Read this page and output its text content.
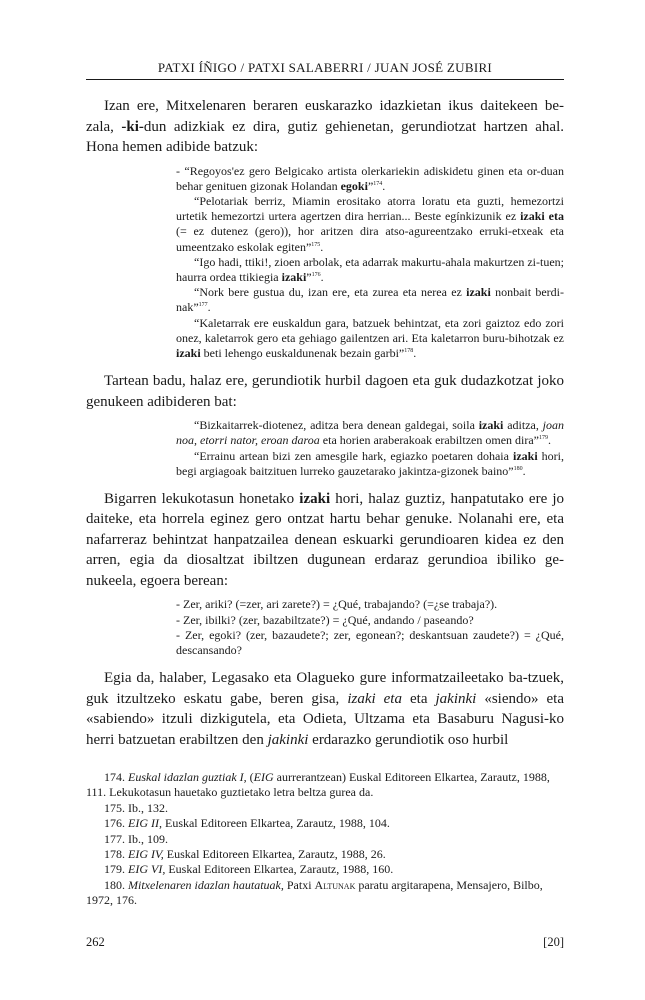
PATXI ÍÑIGO / PATXI SALABERRI / JUAN JOSÉ ZUBIRI

Izan ere, Mitxelenaren beraren euskarazko idazkietan ikus daitekeen be-zala, -ki-dun adizkiak ez dira, gutiz gehienetan, gerundiotzat hartzen ahal. Hona hemen adibide batzuk:

- “Regoyos'ez gero Belgicako artista olerkariekin adiskidetu ginen eta or-duan behar genituen gizonak Holandan egoki”$^{174}$.

“Pelotariak berriz, Miamin erositako atorra loratu eta guzti, hemezortzi urtetik hemezortzi urtera agertzen dira herrian... Beste egínkizunik ez izaki eta (= ez dutenez (gero)), hor aritzen dira atso-agureentzako erruki-etxeak eta umeentzako eskolak egiten”$^{175}$.

“Igo hadi, ttiki!, zioen arbolak, eta adarrak makurtu-ahala makurtzen zi-tuen; haurra ordea ttikiegia izaki”$^{176}$.

“Nork bere gustua du, izan ere, eta zurea eta nerea ez izaki nonbait berdi-nak”$^{177}$.

“Kaletarrak ere euskaldun gara, batzuek behintzat, eta zori gaiztoz edo zori onez, kaletarrok gero eta gehiago gailentzen ari. Eta kaletarron buru-bihotzak ez izaki beti lehengo euskaldunenak bezain garbi”$^{178}$.

Tartean badu, halaz ere, gerundiotik hurbil dagoen eta guk dudazkotzat joko genukeen adibideren bat:

“Bizkaitarrek-diotenez, aditza bera denean galdegai, soila izaki aditza, joan noa, etorri nator, eroan daroa eta horien araberakoak erabiltzen omen dira”$^{179}$.

“Errainu artean bizi zen amesgile hark, egiazko poetaren dohaia izaki hori, begi argiagoak baitzituen lurreko gauzetarako jakintza-gizonek baino”$^{180}$.

Bigarren lekukotasun honetako izaki hori, halaz guztiz, hanpatutako ere jo daiteke, eta horrela eginez gero ontzat hartu behar genuke. Nolanahi ere, eta nafarreraz behintzat hanpatzailea denean eskuarki gerundioaren kidea ez den arren, egia da diosaltzat ibiltzen dugunean erdaraz gerundioa ibiliko ge-nukeela, egoera berean:

- Zer, ariki? (=zer, ari zarete?) = ¿Qué, trabajando? (=¿se trabaja?).

- Zer, ibilki? (zer, bazabiltzate?) = ¿Qué, andando / paseando?

- Zer, egoki? (zer, bazaudete?; zer, egonean?; deskantsuan zaudete?) = ¿Qué, descansando?

Egia da, halaber, Legasako eta Olagueko gure informatzaileetako ba-tzuek, guk itzultzeko eskatu gabe, beren gisa, izaki eta eta jakinki «siendo» eta «sabiendo» itzuli dizkigutela, eta Odieta, Ultzama eta Basaburu Nagusi-ko herri batzuetan erabiltzen den jakinki erdarazko gerundiotik oso hurbil

174. Euskal idazlan guztiak I, (EIG aurrerantzean) Euskal Editoreen Elkartea, Zarautz, 1988, 111. Lekukotasun hauetako guztietako letra beltza gurea da.

175. Ib., 132.

176. EIG II, Euskal Editoreen Elkartea, Zarautz, 1988, 104.

177. Ib., 109.

178. EIG IV, Euskal Editoreen Elkartea, Zarautz, 1988, 26.

179. EIG VI, Euskal Editoreen Elkartea, Zarautz, 1988, 160.

180. Mitxelenaren idazlan hautatuak, Patxi Altunak paratu argitarapena, Mensajero, Bilbo, 1972, 176.

262	[20]
